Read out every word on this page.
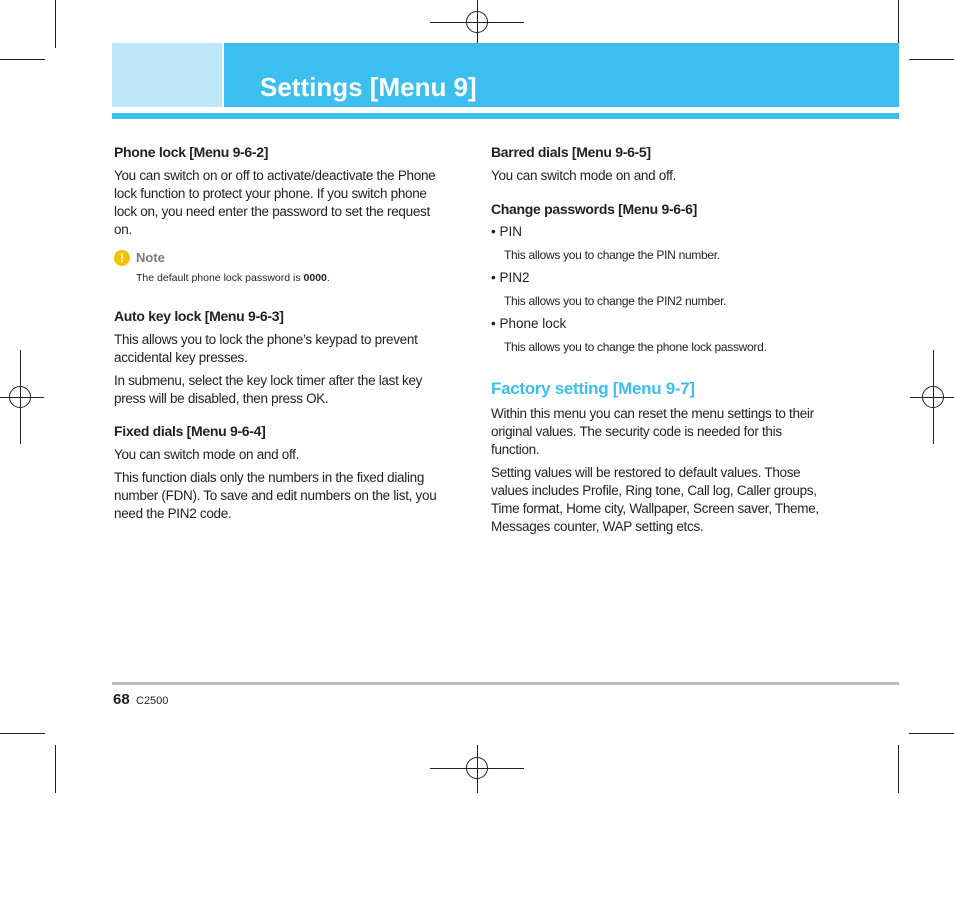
Settings [Menu 9]
Phone lock [Menu 9-6-2]
You can switch on or off to activate/deactivate the Phone
lock function to protect your phone. If you switch phone
lock on, you need enter the password to set the request
on.
! Note
The default phone lock password is 0000.
Auto key lock [Menu 9-6-3]
This allows you to lock the phone’s keypad to prevent
accidental key presses.
In submenu, select the key lock timer after the last key
press will be disabled, then press OK.
Fixed dials [Menu 9-6-4]
You can switch mode on and off.
This function dials only the numbers in the fixed dialing
number (FDN). To save and edit numbers on the list, you
need the PIN2 code.
Barred dials [Menu 9-6-5]
You can switch mode on and off.
Change passwords [Menu 9-6-6]
• PIN
This allows you to change the PIN number.
• PIN2
This allows you to change the PIN2 number.
• Phone lock
This allows you to change the phone lock password.
Factory setting [Menu 9-7]
Within this menu you can reset the menu settings to their
original values. The security code is needed for this
function.
Setting values will be restored to default values. Those
values includes Profile, Ring tone, Call log, Caller groups,
Time format, Home city, Wallpaper, Screen saver, Theme,
Messages counter, WAP setting etcs.
68 C2500
